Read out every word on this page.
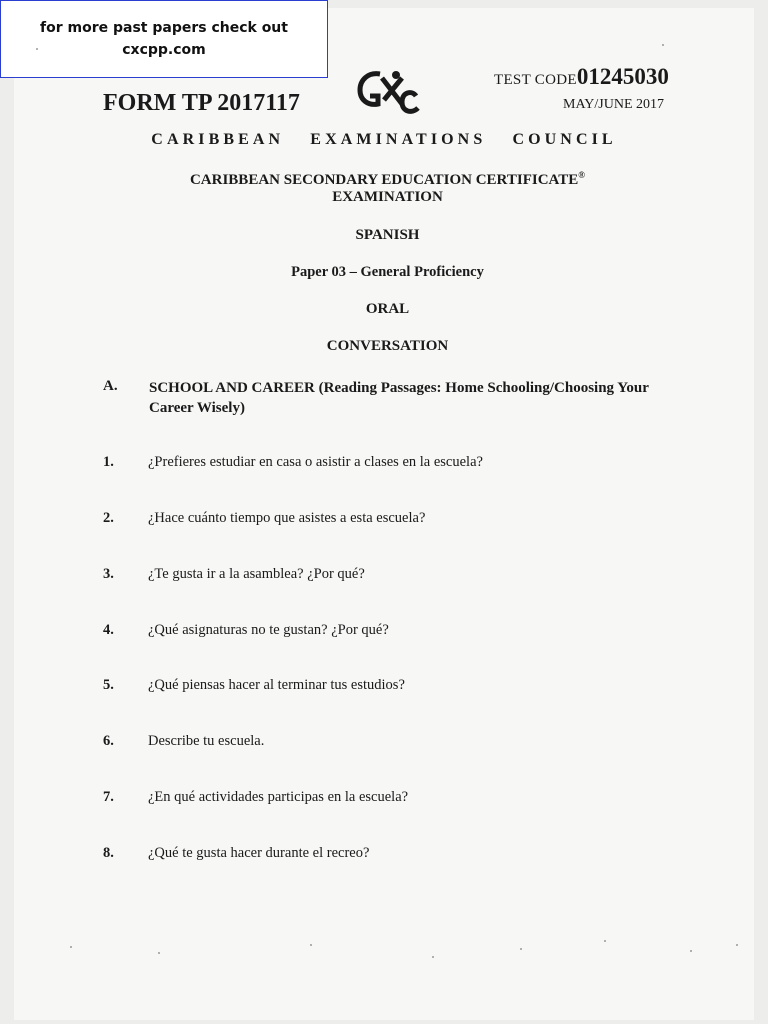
for more past papers check out
cxcpp.com
FORM TP 2017117
TEST CODE01245030
MAY/JUNE 2017
CARIBBEAN EXAMINATIONS COUNCIL
CARIBBEAN SECONDARY EDUCATION CERTIFICATE®
EXAMINATION
SPANISH
Paper 03 – General Proficiency
ORAL
CONVERSATION
A. SCHOOL AND CAREER (Reading Passages: Home Schooling/Choosing Your Career Wisely)
1. ¿Prefieres estudiar en casa o asistir a clases en la escuela?
2. ¿Hace cuánto tiempo que asistes a esta escuela?
3. ¿Te gusta ir a la asamblea? ¿Por qué?
4. ¿Qué asignaturas no te gustan? ¿Por qué?
5. ¿Qué piensas hacer al terminar tus estudios?
6. Describe tu escuela.
7. ¿En qué actividades participas en la escuela?
8. ¿Qué te gusta hacer durante el recreo?
